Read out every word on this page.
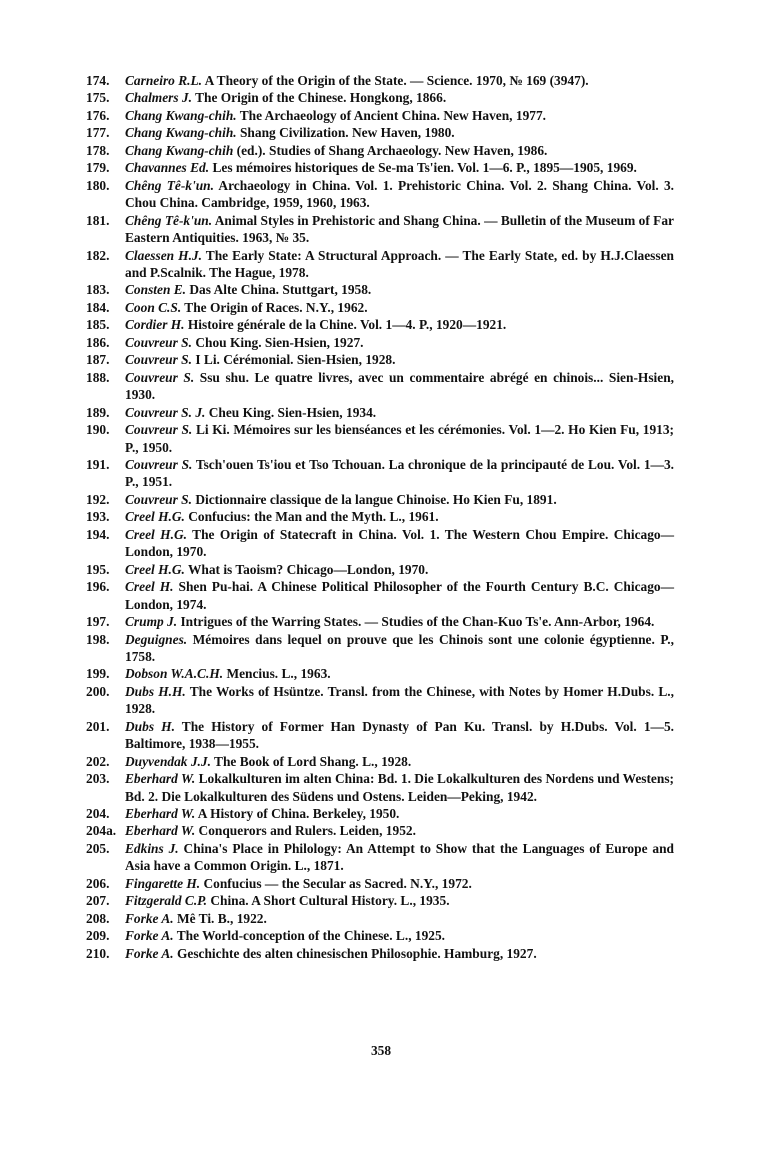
174.	Carneiro R.L. A Theory of the Origin of the State. — Science. 1970, № 169 (3947).
175.	Chalmers J. The Origin of the Chinese. Hongkong, 1866.
176.	Chang Kwang-chih. The Archaeology of Ancient China. New Haven, 1977.
177.	Chang Kwang-chih. Shang Civilization. New Haven, 1980.
178.	Chang Kwang-chih (ed.). Studies of Shang Archaeology. New Haven, 1986.
179.	Chavannes Ed. Les mémoires historiques de Se-ma Ts'ien. Vol. 1—6. P., 1895—1905, 1969.
180.	Chêng Tê-k'un. Archaeology in China. Vol. 1. Prehistoric China. Vol. 2. Shang China. Vol. 3. Chou China. Cambridge, 1959, 1960, 1963.
181.	Chêng Tê-k'un. Animal Styles in Prehistoric and Shang China. — Bulletin of the Museum of Far Eastern Antiquities. 1963, № 35.
182.	Claessen H.J. The Early State: A Structural Approach. — The Early State, ed. by H.J.Claessen and P.Scalnik. The Hague, 1978.
183.	Consten E. Das Alte China. Stuttgart, 1958.
184.	Coon C.S. The Origin of Races. N.Y., 1962.
185.	Cordier H. Histoire générale de la Chine. Vol. 1—4. P., 1920—1921.
186.	Couvreur S. Chou King. Sien-Hsien, 1927.
187.	Couvreur S. I Li. Cérémonial. Sien-Hsien, 1928.
188.	Couvreur S. Ssu shu. Le quatre livres, avec un commentaire abrégé en chinois... Sien-Hsien, 1930.
189.	Couvreur S. J. Cheu King. Sien-Hsien, 1934.
190.	Couvreur S. Li Ki. Mémoires sur les bienséances et les cérémonies. Vol. 1—2. Ho Kien Fu, 1913; P., 1950.
191.	Couvreur S. Tsch'ouen Ts'iou et Tso Tchouan. La chronique de la principauté de Lou. Vol. 1—3. P., 1951.
192.	Couvreur S. Dictionnaire classique de la langue Chinoise. Ho Kien Fu, 1891.
193.	Creel H.G. Confucius: the Man and the Myth. L., 1961.
194.	Creel H.G. The Origin of Statecraft in China. Vol. 1. The Western Chou Empire. Chicago—London, 1970.
195.	Creel H.G. What is Taoism? Chicago—London, 1970.
196.	Creel H. Shen Pu-hai. A Chinese Political Philosopher of the Fourth Century B.C. Chicago—London, 1974.
197.	Crump J. Intrigues of the Warring States. — Studies of the Chan-Kuo Ts'e. Ann-Arbor, 1964.
198.	Deguignes. Mémoires dans lequel on prouve que les Chinois sont une colonie égyptienne. P., 1758.
199.	Dobson W.A.C.H. Mencius. L., 1963.
200.	Dubs H.H. The Works of Hsüntze. Transl. from the Chinese, with Notes by Homer H.Dubs. L., 1928.
201.	Dubs H. The History of Former Han Dynasty of Pan Ku. Transl. by H.Dubs. Vol. 1—5. Baltimore, 1938—1955.
202.	Duyvendak J.J. The Book of Lord Shang. L., 1928.
203.	Eberhard W. Lokalkulturen im alten China: Bd. 1. Die Lokalkulturen des Nordens und Westens; Bd. 2. Die Lokalkulturen des Südens und Ostens. Leiden—Peking, 1942.
204.	Eberhard W. A History of China. Berkeley, 1950.
204a. Eberhard W. Conquerors and Rulers. Leiden, 1952.
205.	Edkins J. China's Place in Philology: An Attempt to Show that the Languages of Europe and Asia have a Common Origin. L., 1871.
206.	Fingarette H. Confucius — the Secular as Sacred. N.Y., 1972.
207.	Fitzgerald C.P. China. A Short Cultural History. L., 1935.
208.	Forke A. Mê Ti. B., 1922.
209.	Forke A. The World-conception of the Chinese. L., 1925.
210.	Forke A. Geschichte des alten chinesischen Philosophie. Hamburg, 1927.
358
